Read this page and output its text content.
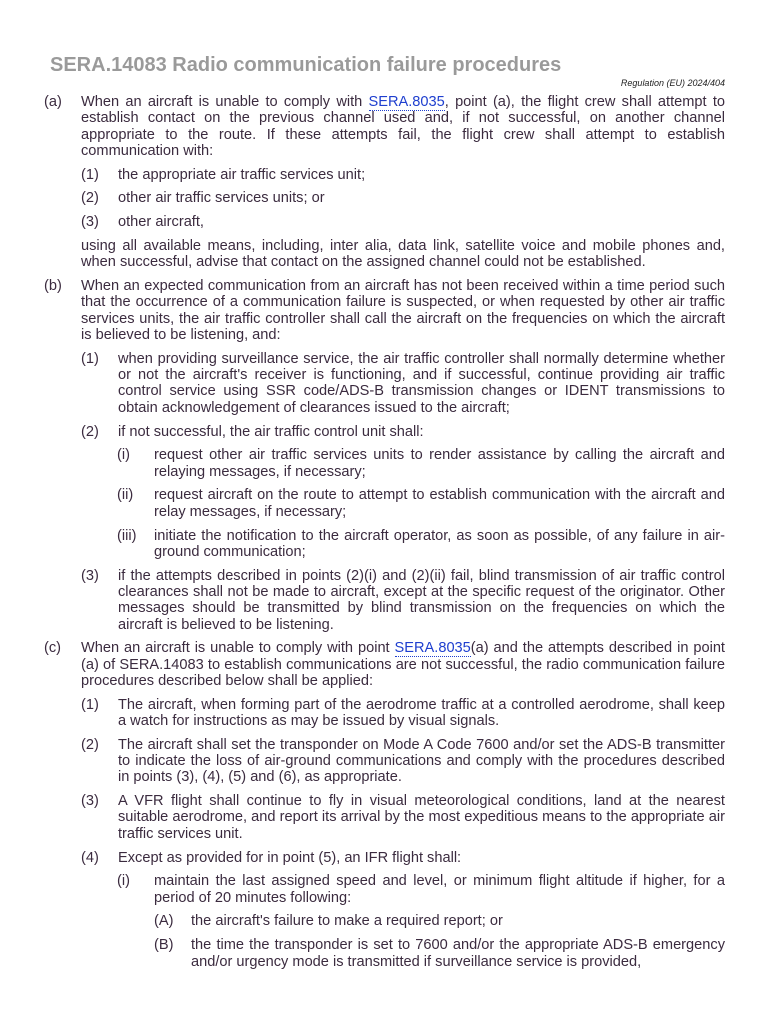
SERA.14083 Radio communication failure procedures
Regulation (EU) 2024/404

(a) When an aircraft is unable to comply with SERA.8035, point (a), the flight crew shall attempt to establish contact on the previous channel used and, if not successful, on another channel appropriate to the route. If these attempts fail, the flight crew shall attempt to establish communication with:

(1) the appropriate air traffic services unit;

(2) other air traffic services units; or

(3) other aircraft,

using all available means, including, inter alia, data link, satellite voice and mobile phones and, when successful, advise that contact on the assigned channel could not be established.

(b) When an expected communication from an aircraft has not been received within a time period such that the occurrence of a communication failure is suspected, or when requested by other air traffic services units, the air traffic controller shall call the aircraft on the frequencies on which the aircraft is believed to be listening, and:

(1) when providing surveillance service, the air traffic controller shall normally determine whether or not the aircraft's receiver is functioning, and if successful, continue providing air traffic control service using SSR code/ADS-B transmission changes or IDENT transmissions to obtain acknowledgement of clearances issued to the aircraft;

(2) if not successful, the air traffic control unit shall:

(i) request other air traffic services units to render assistance by calling the aircraft and relaying messages, if necessary;

(ii) request aircraft on the route to attempt to establish communication with the aircraft and relay messages, if necessary;

(iii) initiate the notification to the aircraft operator, as soon as possible, of any failure in air-ground communication;

(3) if the attempts described in points (2)(i) and (2)(ii) fail, blind transmission of air traffic control clearances shall not be made to aircraft, except at the specific request of the originator. Other messages should be transmitted by blind transmission on the frequencies on which the aircraft is believed to be listening.

(c) When an aircraft is unable to comply with point SERA.8035(a) and the attempts described in point (a) of SERA.14083 to establish communications are not successful, the radio communication failure procedures described below shall be applied:

(1) The aircraft, when forming part of the aerodrome traffic at a controlled aerodrome, shall keep a watch for instructions as may be issued by visual signals.

(2) The aircraft shall set the transponder on Mode A Code 7600 and/or set the ADS-B transmitter to indicate the loss of air-ground communications and comply with the procedures described in points (3), (4), (5) and (6), as appropriate.

(3) A VFR flight shall continue to fly in visual meteorological conditions, land at the nearest suitable aerodrome, and report its arrival by the most expeditious means to the appropriate air traffic services unit.

(4) Except as provided for in point (5), an IFR flight shall:

(i) maintain the last assigned speed and level, or minimum flight altitude if higher, for a period of 20 minutes following:

(A) the aircraft's failure to make a required report; or

(B) the time the transponder is set to 7600 and/or the appropriate ADS-B emergency and/or urgency mode is transmitted if surveillance service is provided,
